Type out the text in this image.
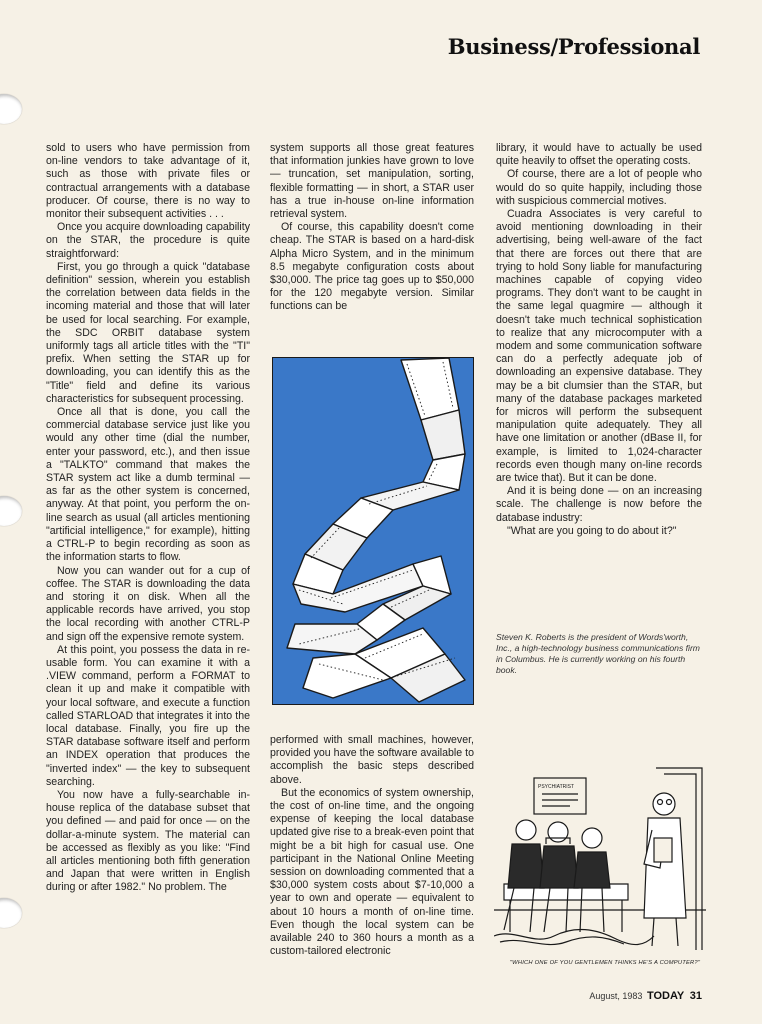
Business/Professional

sold to users who have permission from on-line vendors to take advantage of it, such as those with private files or contractual arrangements with a database producer. Of course, there is no way to monitor their subsequent activities . . .

Once you acquire downloading capability on the STAR, the procedure is quite straightforward:

First, you go through a quick "database definition" session, wherein you establish the correlation between data fields in the incoming material and those that will later be used for local searching. For example, the SDC ORBIT database system uniformly tags all article titles with the "TI" prefix. When setting the STAR up for downloading, you can identify this as the "Title" field and define its various characteristics for subsequent processing.

Once all that is done, you call the commercial database service just like you would any other time (dial the number, enter your password, etc.), and then issue a "TALKTO" command that makes the STAR system act like a dumb terminal — as far as the other system is concerned, anyway. At that point, you perform the on-line search as usual (all articles mentioning "artificial intelligence," for example), hitting a CTRL-P to begin recording as soon as the information starts to flow.

Now you can wander out for a cup of coffee. The STAR is downloading the data and storing it on disk. When all the applicable records have arrived, you stop the local recording with another CTRL-P and sign off the expensive remote system.

At this point, you possess the data in re-usable form. You can examine it with a .VIEW command, perform a FORMAT to clean it up and make it compatible with your local software, and execute a function called STARLOAD that integrates it into the local database. Finally, you fire up the STAR database software itself and perform an INDEX operation that produces the "inverted index" — the key to subsequent searching.

You now have a fully-searchable in-house replica of the database subset that you defined — and paid for once — on the dollar-a-minute system. The material can be accessed as flexibly as you like: "Find all articles mentioning both fifth generation and Japan that were written in English during or after 1982." No problem. The

system supports all those great features that information junkies have grown to love — truncation, set manipulation, sorting, flexible formatting — in short, a STAR user has a true in-house on-line information retrieval system.

Of course, this capability doesn't come cheap. The STAR is based on a hard-disk Alpha Micro System, and in the minimum 8.5 megabyte configuration costs about $30,000. The price tag goes up to $50,000 for the 120 megabyte version. Similar functions can be

performed with small machines, however, provided you have the software available to accomplish the basic steps described above.

But the economics of system ownership, the cost of on-line time, and the ongoing expense of keeping the local database updated give rise to a break-even point that might be a bit high for casual use. One participant in the National Online Meeting session on downloading commented that a $30,000 system costs about $7-10,000 a year to own and operate — equivalent to about 10 hours a month of on-line time. Even though the local system can be available 240 to 360 hours a month as a custom-tailored electronic

library, it would have to actually be used quite heavily to offset the operating costs.

Of course, there are a lot of people who would do so quite happily, including those with suspicious commercial motives.

Cuadra Associates is very careful to avoid mentioning downloading in their advertising, being well-aware of the fact that there are forces out there that are trying to hold Sony liable for manufacturing machines capable of copying video programs. They don't want to be caught in the same legal quagmire — although it doesn't take much technical sophistication to realize that any microcomputer with a modem and some communication software can do a perfectly adequate job of downloading an expensive database. They may be a bit clumsier than the STAR, but many of the database packages marketed for micros will perform the subsequent manipulation quite adequately. They all have one limitation or another (dBase II, for example, is limited to 1,024-character records even though many on-line records are twice that). But it can be done.

And it is being done — on an increasing scale. The challenge is now before the database industry:

"What are you going to do about it?"

Steven K. Roberts is the president of Words'worth, Inc., a high-technology business communications firm in Columbus. He is currently working on his fourth book.
PSYCHIATRIST
"WHICH ONE OF YOU GENTLEMEN THINKS HE'S A COMPUTER?"
August, 1983 TODAY 31
